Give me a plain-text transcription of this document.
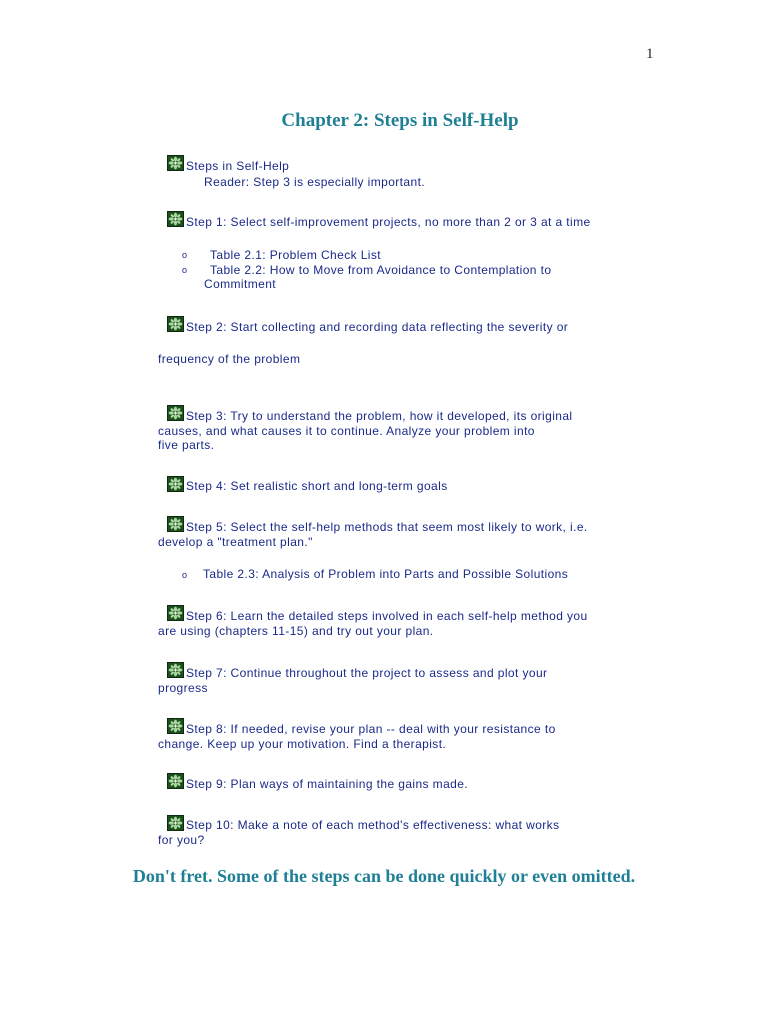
1
Chapter 2: Steps in Self-Help
Steps in Self-Help
Reader: Step 3 is especially important.
Step 1: Select self-improvement projects, no more than 2 or 3 at a time
o Table 2.1: Problem Check List
o Table 2.2: How to Move from Avoidance to Contemplation to
Commitment
Step 2: Start collecting and recording data reflecting the severity or
frequency of the problem
Step 3: Try to understand the problem, how it developed, its original
causes, and what causes it to continue. Analyze your problem into
five parts.
Step 4: Set realistic short and long-term goals
Step 5: Select the self-help methods that seem most likely to work, i.e.
develop a "treatment plan."
o Table 2.3: Analysis of Problem into Parts and Possible Solutions
Step 6: Learn the detailed steps involved in each self-help method you
are using (chapters 11-15) and try out your plan.
Step 7: Continue throughout the project to assess and plot your
progress
Step 8: If needed, revise your plan -- deal with your resistance to
change. Keep up your motivation. Find a therapist.
Step 9: Plan ways of maintaining the gains made.
Step 10: Make a note of each method's effectiveness: what works
for you?
Don't fret. Some of the steps can be done quickly or even omitted.
